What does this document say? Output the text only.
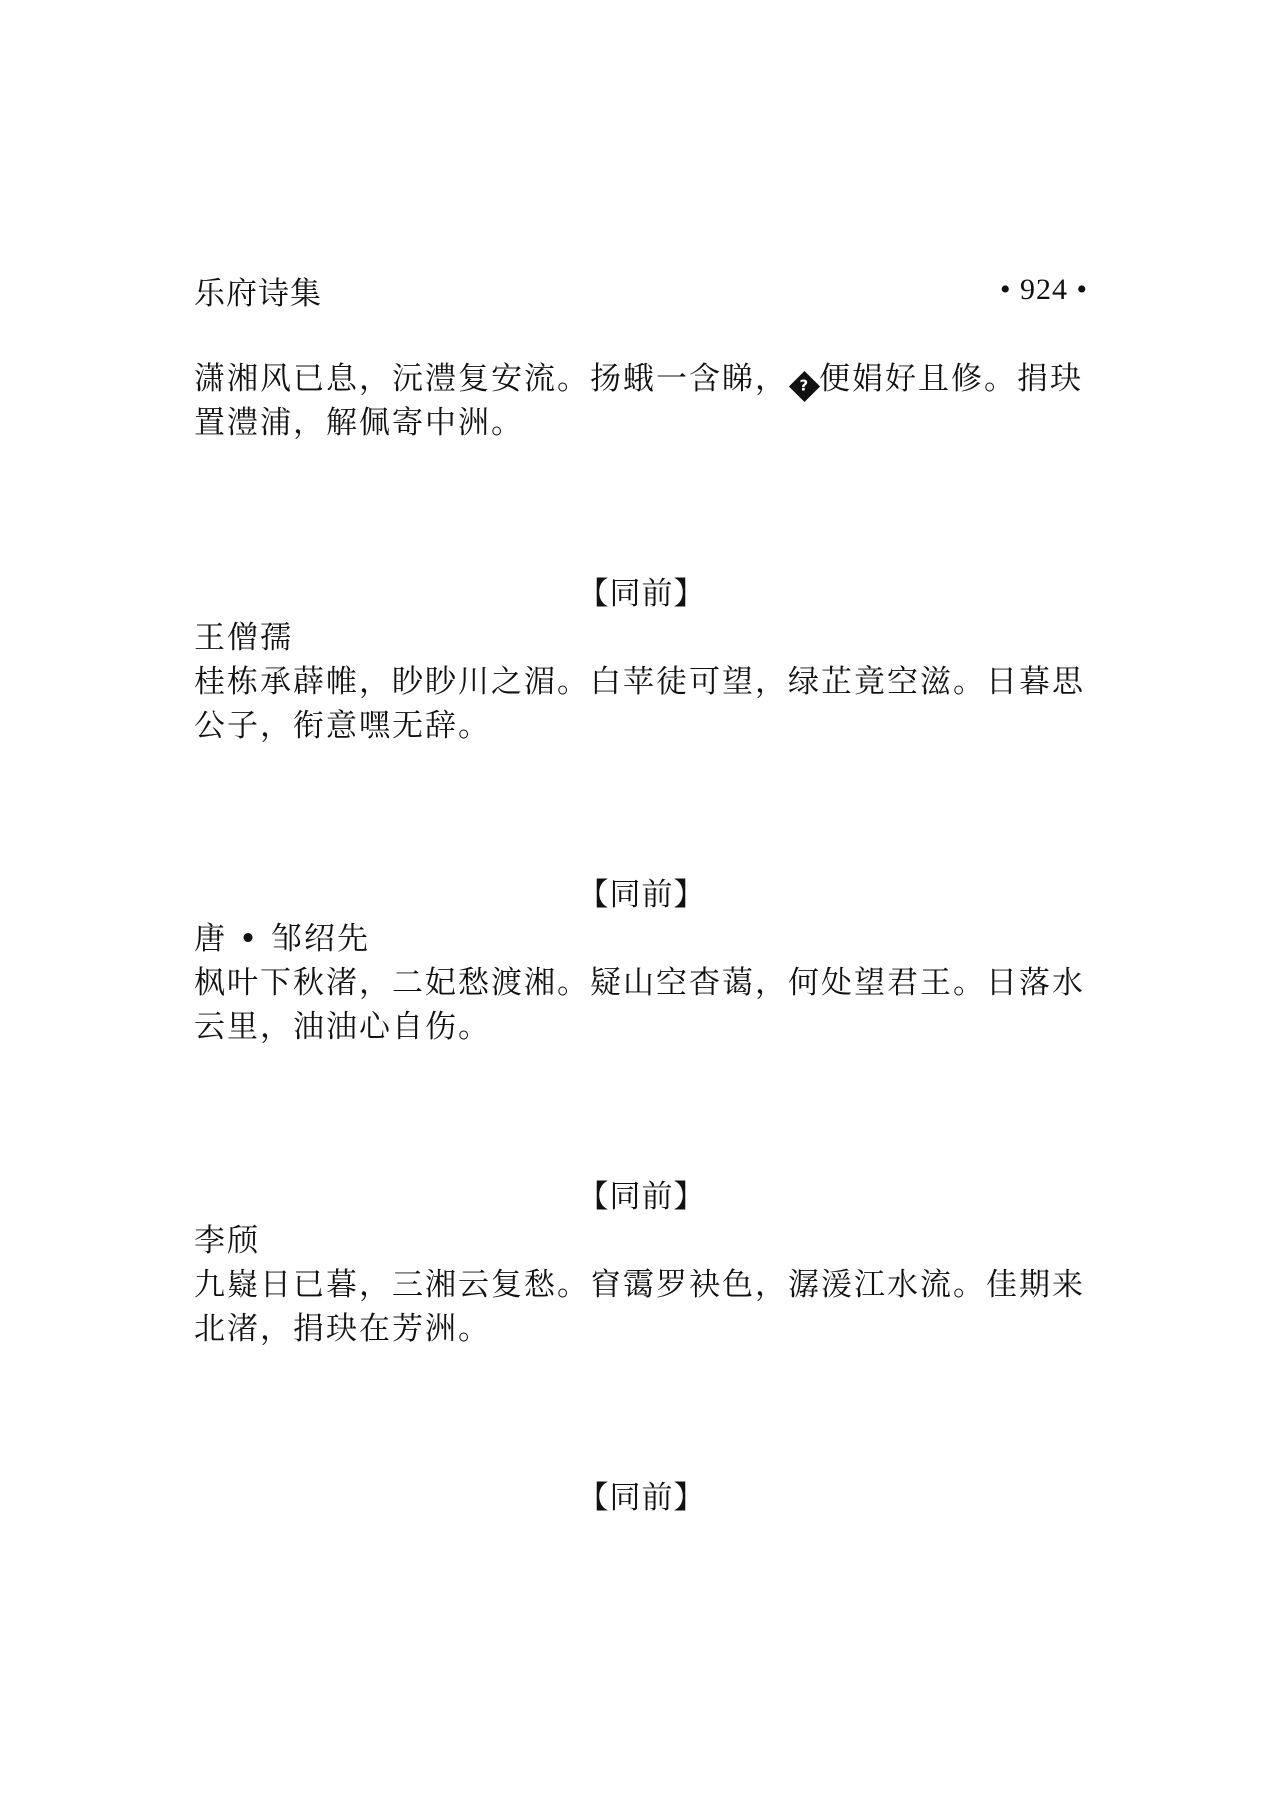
乐府诗集	• 924 •

潇湘风已息，沅澧复安流。扬蛾一含睇， ? 便娟好且修。捐玦置澧浦，解佩寄中洲。

【同前】

王僧孺

桂栋承薜帷，眇眇川之湄。白苹徒可望，绿芷竟空滋。日暮思公子，衔意嘿无辞。

【同前】

唐 • 邹绍先

枫叶下秋渚，二妃愁渡湘。疑山空杳蔼，何处望君王。日落水云里，油油心自伤。

【同前】

李颀

九嶷日已暮，三湘云复愁。窅霭罗袂色，潺湲江水流。佳期来北渚，捐玦在芳洲。

【同前】
